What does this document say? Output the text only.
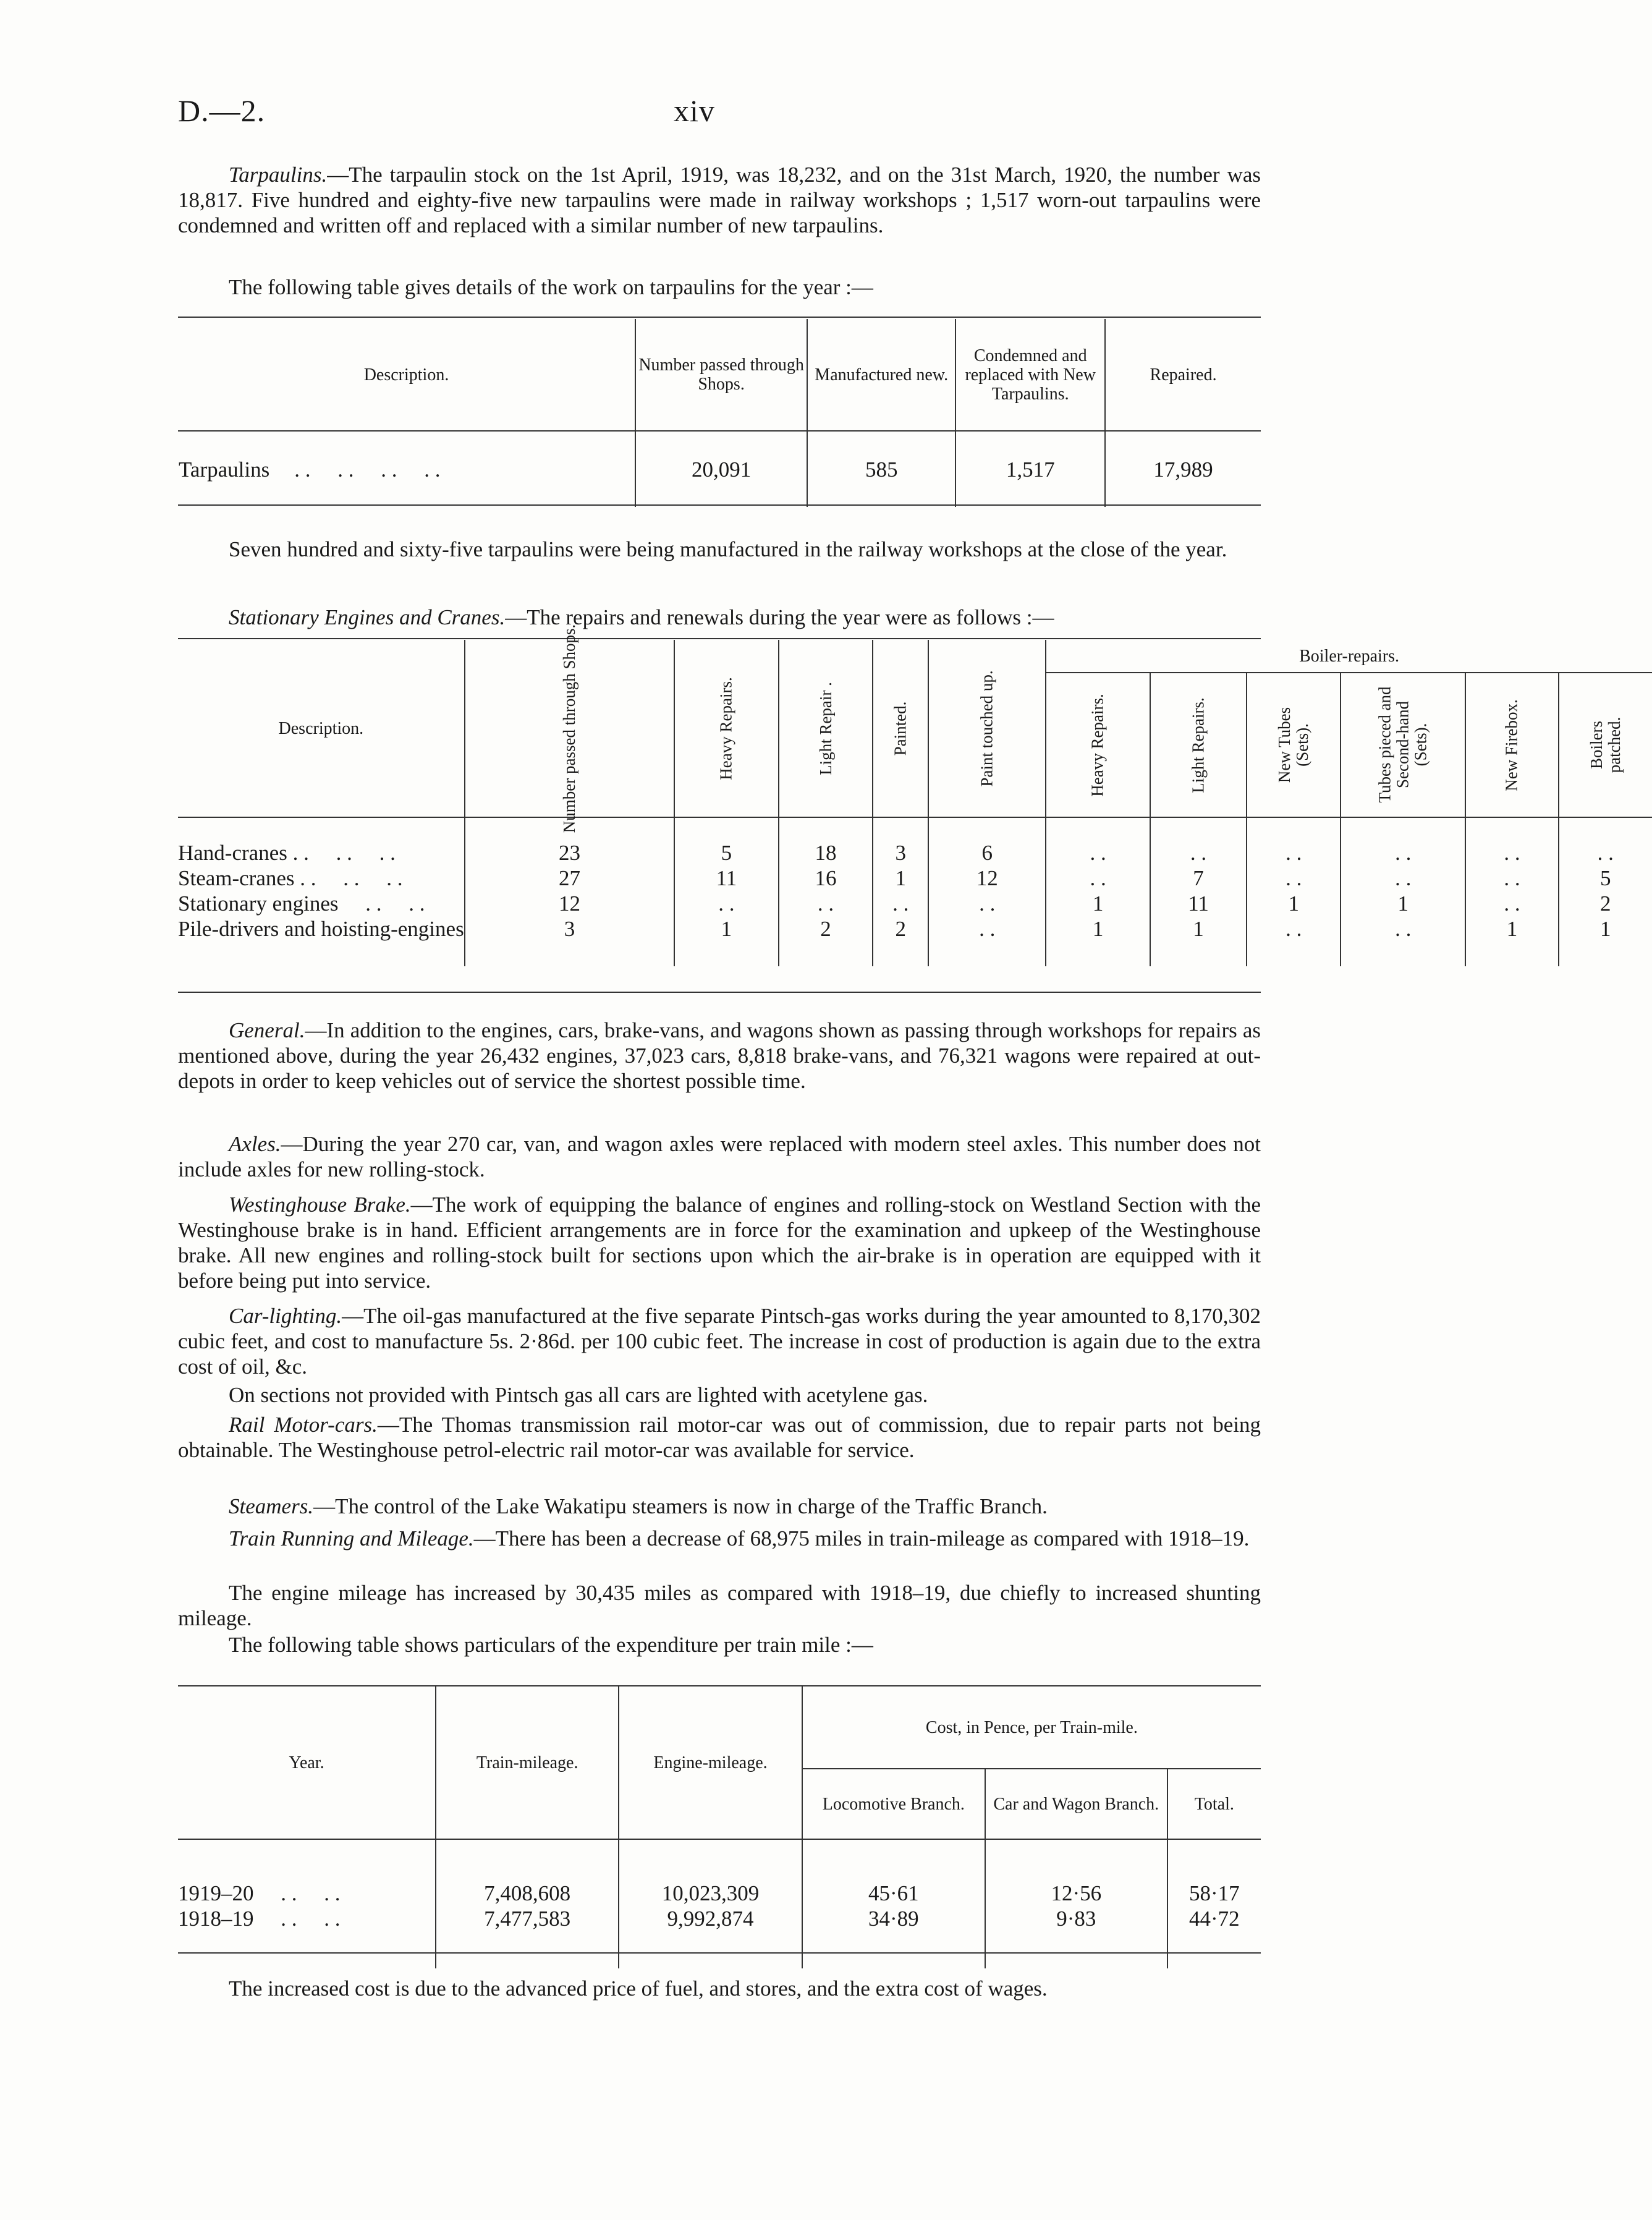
D.—2.	xiv

Tarpaulins.—The tarpaulin stock on the 1st April, 1919, was 18,232, and on the 31st March, 1920, the number was 18,817. Five hundred and eighty-five new tarpaulins were made in railway workshops ; 1,517 worn-out tarpaulins were condemned and written off and replaced with a similar number of new tarpaulins.

The following table gives details of the work on tarpaulins for the year :—

Description.	Number passed through Shops.	Manufactured new.	Condemned and replaced with New Tarpaulins.	Repaired.
Tarpaulins . .     . .     . .     . .	20,091	585	1,517	17,989

Seven hundred and sixty-five tarpaulins were being manufactured in the railway workshops at the close of the year.

Stationary Engines and Cranes.—The repairs and renewals during the year were as follows :—

Description.	Number passed through Shops.	Heavy Repairs.	Light Repair .	Painted.	Paint touched up.	Boiler-repairs.					
						Heavy Repairs.	Light Repairs.	New Tubes (Sets).	Tubes pieced and Second-hand (Sets).	New Firebox.	Boilers patched.
Hand-cranes . .     . .     . .	23	5	18	3	6	. .	. .	. .	. .	. .	. .
Steam-cranes . .     . .     . .	27	11	16	1	12	. .	7	. .	. .	. .	5
Stationary engines     . .     . .	12	. .	. .	. .	. .	1	11	1	1	. .	2
Pile-drivers and hoisting-engines	3	1	2	2	. .	1	1	. .	. .	1	1

General.—In addition to the engines, cars, brake-vans, and wagons shown as passing through workshops for repairs as mentioned above, during the year 26,432 engines, 37,023 cars, 8,818 brake-vans, and 76,321 wagons were repaired at out-depots in order to keep vehicles out of service the shortest possible time.

Axles.—During the year 270 car, van, and wagon axles were replaced with modern steel axles. This number does not include axles for new rolling-stock.

Westinghouse Brake.—The work of equipping the balance of engines and rolling-stock on Westland Section with the Westinghouse brake is in hand. Efficient arrangements are in force for the examination and upkeep of the Westinghouse brake. All new engines and rolling-stock built for sections upon which the air-brake is in operation are equipped with it before being put into service.

Car-lighting.—The oil-gas manufactured at the five separate Pintsch-gas works during the year amounted to 8,170,302 cubic feet, and cost to manufacture 5s. 2·86d. per 100 cubic feet. The increase in cost of production is again due to the extra cost of oil, &c.

On sections not provided with Pintsch gas all cars are lighted with acetylene gas.

Rail Motor-cars.—The Thomas transmission rail motor-car was out of commission, due to repair parts not being obtainable. The Westinghouse petrol-electric rail motor-car was available for service.

Steamers.—The control of the Lake Wakatipu steamers is now in charge of the Traffic Branch.

Train Running and Mileage.—There has been a decrease of 68,975 miles in train-mileage as compared with 1918–19.

The engine mileage has increased by 30,435 miles as compared with 1918–19, due chiefly to increased shunting mileage.

The following table shows particulars of the expenditure per train mile :—

Year.	Train-mileage.	Engine-mileage.	Cost, in Pence, per Train-mile.		
			Locomotive Branch.	Car and Wagon Branch.	Total.
1919–20     . .     . .	7,408,608	10,023,309	45·61	12·56	58·17
1918–19     . .     . .	7,477,583	9,992,874	34·89	9·83	44·72

The increased cost is due to the advanced price of fuel, and stores, and the extra cost of wages.
